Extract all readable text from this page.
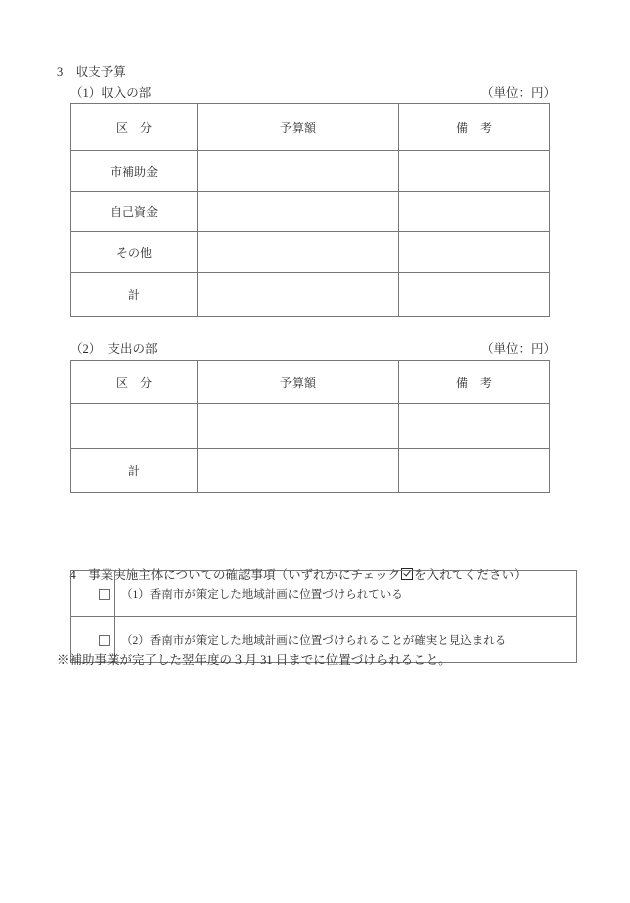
3　収支予算
（1）収入の部	（単位：円）
区　分	予算額	備　考
市補助金		
自己資金		
その他		
計		
（2）　支出の部	（単位：円）
区　分	予算額	備　考

計		

4　事業実施主体についての確認事項（いずれかにチェック を入れてください）

	（1）香南市が策定した地域計画に位置づけられている

	（2）香南市が策定した地域計画に位置づけられることが確実と見込まれる
※補助事業が完了した翌年度の３月 31 日までに位置づけられること。
